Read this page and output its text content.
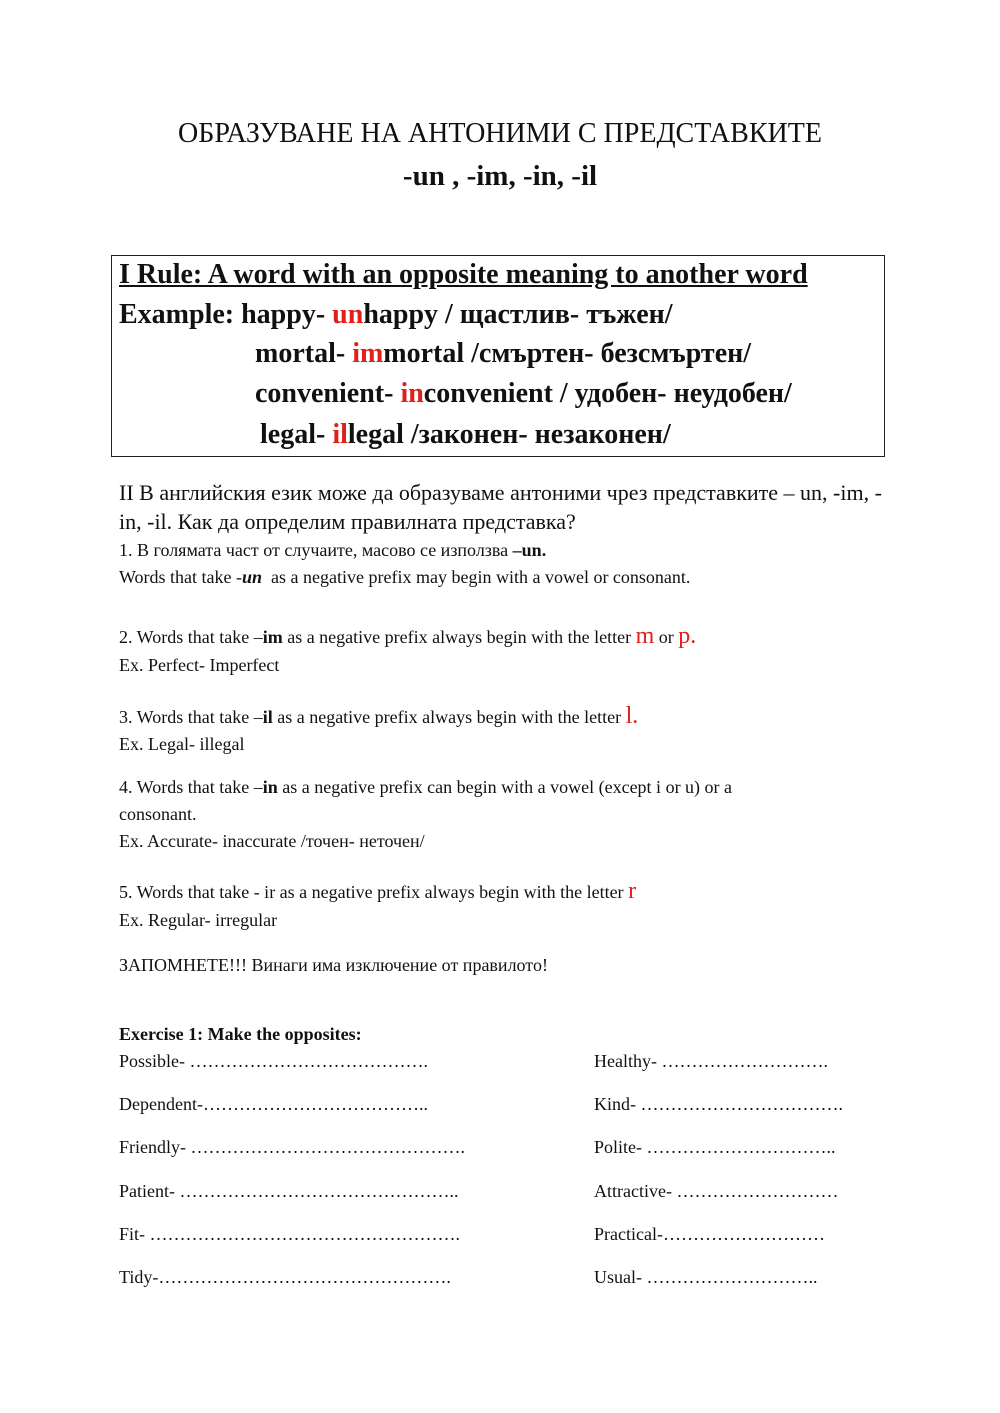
ОБРАЗУВАНЕ НА АНТОНИМИ С ПРЕДСТАВКИТЕ
-un , -im, -in, -il
I Rule: A word with an opposite meaning to another word
Example: happy- unhappy / щастлив- тъжен/
mortal- immortal /смъртен- безсмъртен/
convenient- inconvenient / удобен- неудобен/
legal- illegal /законен- незаконен/
II В английския език може да образуваме антоними чрез представките – un, -im, -in, -il. Как да определим правилната представка?
1. В голямата част от случаите, масово се използва –un.
Words that take -un  as a negative prefix may begin with a vowel or consonant.
2. Words that take –im as a negative prefix always begin with the letter m or p.
Ex. Perfect- Imperfect
3. Words that take –il as a negative prefix always begin with the letter l.
Ex. Legal- illegal
4. Words that take –in as a negative prefix can begin with a vowel (except i or u) or a
consonant.
Ex. Accurate- inaccurate /точен- неточен/
5. Words that take - ir as a negative prefix always begin with the letter r
Ex. Regular- irregular
ЗАПОМНЕТЕ!!! Винаги има изключение от правилото!
Exercise 1: Make the opposites:
Possible- ………………………………….
Dependent-………………………………..
Friendly- ……………………………………….
Patient- ………………………………………..
Fit- …………………………………………….
Tidy-………………………………………….
Healthy- ……………………….
Kind- …………………………….
Polite- …………………………..
Attractive- ………………………
Practical-………………………
Usual- ………………………..
